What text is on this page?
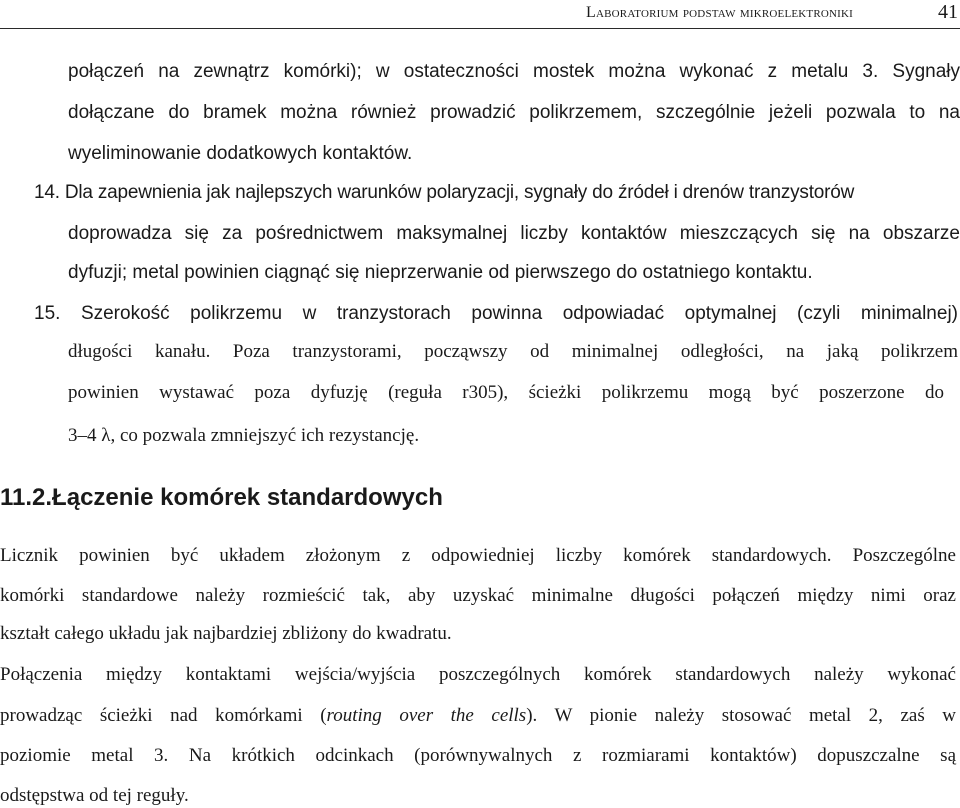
Laboratorium podstaw mikroelektroniki	41
połączeń na zewnątrz komórki); w ostateczności mostek można wykonać z metalu 3. Sygnały
dołączane do bramek można również prowadzić polikrzemem, szczególnie jeżeli pozwala to na
wyeliminowanie dodatkowych kontaktów.
14. Dla zapewnienia jak najlepszych warunków polaryzacji, sygnały do źródeł i drenów tranzystorów
doprowadza się za pośrednictwem maksymalnej liczby kontaktów mieszczących się na obszarze
dyfuzji; metal powinien ciągnąć się nieprzerwanie od pierwszego do ostatniego kontaktu.
15. Szerokość polikrzemu w tranzystorach powinna odpowiadać optymalnej (czyli minimalnej)
długości kanału. Poza tranzystorami, począwszy od minimalnej odległości, na jaką polikrzem
powinien wystawać poza dyfuzję (reguła r305), ścieżki polikrzemu mogą być poszerzone do
3–4 λ, co pozwala zmniejszyć ich rezystancję.
11.2.Łączenie komórek standardowych
Licznik powinien być układem złożonym z odpowiedniej liczby komórek standardowych. Poszczególne
komórki standardowe należy rozmieścić tak, aby uzyskać minimalne długości połączeń między nimi oraz
kształt całego układu jak najbardziej zbliżony do kwadratu.
Połączenia między kontaktami wejścia/wyjścia poszczególnych komórek standardowych należy wykonać
prowadząc ścieżki nad komórkami (routing over the cells). W pionie należy stosować metal 2, zaś w
poziomie metal 3. Na krótkich odcinkach (porównywalnych z rozmiarami kontaktów) dopuszczalne są
odstępstwa od tej reguły.
